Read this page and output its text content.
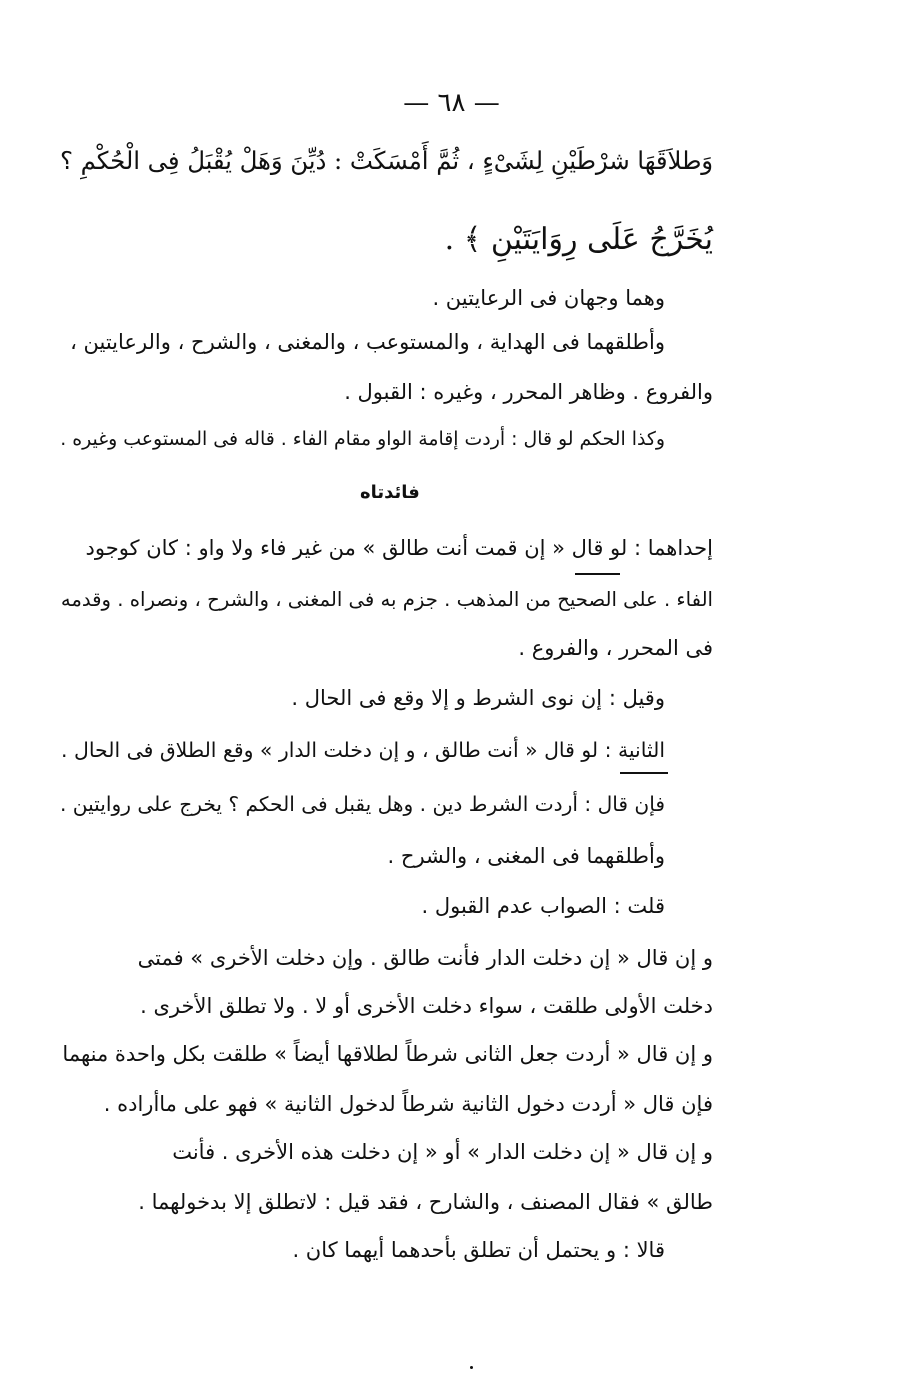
— ٦٨ —
وَطلاَقَهَا شرْطَيْنِ لِشَىْءٍ ، ثُمَّ أَمْسَكَتْ : دُيِّنَ وَهَلْ يُقْبَلُ فِى الْحُكْمِ ؟
يُخَرَّجُ عَلَى رِوَايَتَيْنِ ﴾ .
وهما وجهان فى الرعايتين .
وأطلقهما فى الهداية ، والمستوعب ، والمغنى ، والشرح ، والرعايتين ،
والفروع . وظاهر المحرر ، وغيره : القبول .
وكذا الحكم لو قال : أردت إقامة الواو مقام الفاء . قاله فى المستوعب وغيره .
فائدتاه
إحداهما : لو قال « إن قمت أنت طالق » من غير فاء ولا واو : كان كوجود
الفاء . على الصحيح من المذهب . جزم به فى المغنى ، والشرح ، ونصراه . وقدمه
فى المحرر ، والفروع .
وقيل : إن نوى الشرط و إلا وقع فى الحال .
الثانية : لو قال « أنت طالق ، و إن دخلت الدار » وقع الطلاق فى الحال .
فإن قال : أردت الشرط دين . وهل يقبل فى الحكم ؟ يخرج على روايتين .
وأطلقهما فى المغنى ، والشرح .
قلت : الصواب عدم القبول .
و إن قال « إن دخلت الدار فأنت طالق . وإن دخلت الأخرى » فمتى
دخلت الأولى طلقت ، سواء دخلت الأخرى أو لا . ولا تطلق الأخرى .
و إن قال « أردت جعل الثانى شرطاً لطلاقها أيضاً » طلقت بكل واحدة منهما
فإن قال « أردت دخول الثانية شرطاً لدخول الثانية » فهو على ماأراده .
و إن قال « إن دخلت الدار » أو « إن دخلت هذه الأخرى . فأنت
طالق » فقال المصنف ، والشارح ، فقد قيل : لاتطلق إلا بدخولهما .
قالا : و يحتمل أن تطلق بأحدهما أيهما كان .
